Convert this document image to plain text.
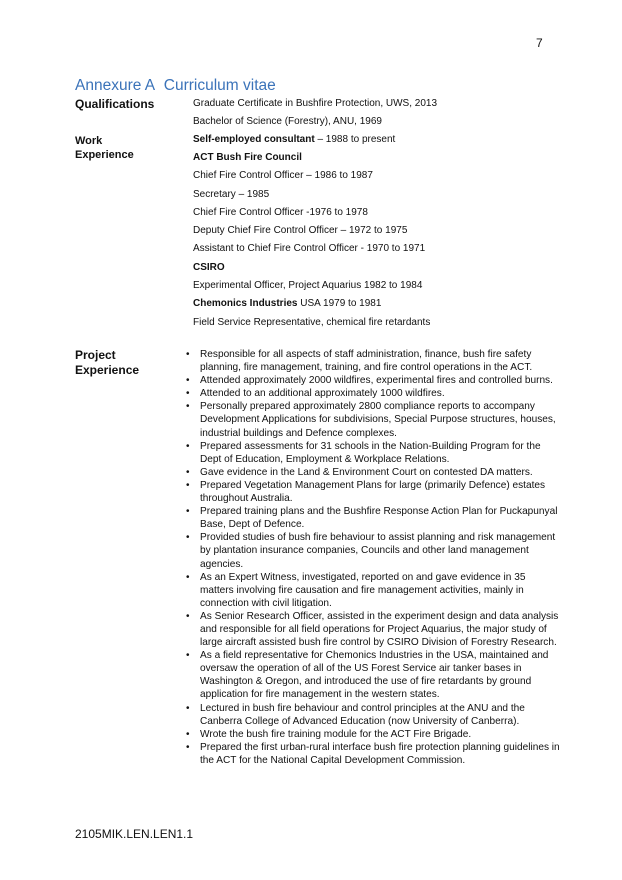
7
Annexure A Curriculum vitae
Qualifications	Graduate Certificate in Bushfire Protection, UWS, 2013
Bachelor of Science (Forestry), ANU, 1969
Work
Experience
Self-employed consultant – 1988 to present
ACT Bush Fire Council
Chief Fire Control Officer – 1986 to 1987
Secretary – 1985
Chief Fire Control Officer -1976 to 1978
Deputy Chief Fire Control Officer – 1972 to 1975
Assistant to Chief Fire Control Officer - 1970 to 1971
CSIRO
Experimental Officer, Project Aquarius 1982 to 1984
Chemonics Industries USA 1979 to 1981
Field Service Representative, chemical fire retardants
Project
Experience
• Responsible for all aspects of staff administration, finance, bush fire safety planning, fire management, training, and fire control operations in the ACT.
• Attended approximately 2000 wildfires, experimental fires and controlled burns.
• Attended to an additional approximately 1000 wildfires.
• Personally prepared approximately 2800 compliance reports to accompany Development Applications for subdivisions, Special Purpose structures, houses, industrial buildings and Defence complexes.
• Prepared assessments for 31 schools in the Nation-Building Program for the Dept of Education, Employment & Workplace Relations.
• Gave evidence in the Land & Environment Court on contested DA matters.
• Prepared Vegetation Management Plans for large (primarily Defence) estates throughout Australia.
• Prepared training plans and the Bushfire Response Action Plan for Puckapunyal Base, Dept of Defence.
• Provided studies of bush fire behaviour to assist planning and risk management by plantation insurance companies, Councils and other land management agencies.
• As an Expert Witness, investigated, reported on and gave evidence in 35 matters involving fire causation and fire management activities, mainly in connection with civil litigation.
• As Senior Research Officer, assisted in the experiment design and data analysis and responsible for all field operations for Project Aquarius, the major study of large aircraft assisted bush fire control by CSIRO Division of Forestry Research.
• As a field representative for Chemonics Industries in the USA, maintained and oversaw the operation of all of the US Forest Service air tanker bases in Washington & Oregon, and introduced the use of fire retardants by ground application for fire management in the western states.
• Lectured in bush fire behaviour and control principles at the ANU and the Canberra College of Advanced Education (now University of Canberra).
• Wrote the bush fire training module for the ACT Fire Brigade.
• Prepared the first urban-rural interface bush fire protection planning guidelines in the ACT for the National Capital Development Commission.
2105MIK.LEN.LEN1.1
